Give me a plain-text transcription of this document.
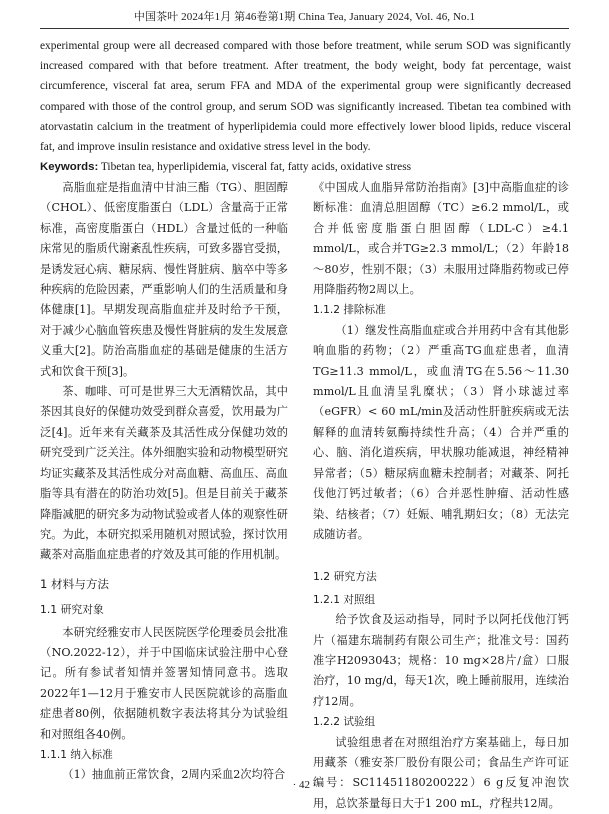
中国茶叶 2024年1月 第46卷第1期 China Tea, January 2024, Vol. 46, No.1

experimental group were all decreased compared with those before treatment, while serum SOD was significantly increased compared with that before treatment. After treatment, the body weight, body fat percentage, waist circumference, visceral fat area, serum FFA and MDA of the experimental group were significantly decreased compared with those of the control group, and serum SOD was significantly increased. Tibetan tea combined with atorvastatin calcium in the treatment of hyperlipidemia could more effectively lower blood lipids, reduce visceral fat, and improve insulin resistance and oxidative stress level in the body.

Keywords: Tibetan tea, hyperlipidemia, visceral fat, fatty acids, oxidative stress

高脂血症是指血清中甘油三酯（TG）、胆固醇（CHOL）、低密度脂蛋白（LDL）含量高于正常标准，高密度脂蛋白（HDL）含量过低的一种临床常见的脂质代谢紊乱性疾病，可致多器官受损，是诱发冠心病、糖尿病、慢性肾脏病、脑卒中等多种疾病的危险因素，严重影响人们的生活质量和身体健康[1]。早期发现高脂血症并及时给予干预，对于减少心脑血管疾患及慢性肾脏病的发生发展意义重大[2]。防治高脂血症的基础是健康的生活方式和饮食干预[3]。

茶、咖啡、可可是世界三大无酒精饮品，其中茶因其良好的保健功效受到群众喜爱，饮用最为广泛[4]。近年来有关藏茶及其活性成分保健功效的研究受到广泛关注。体外细胞实验和动物模型研究均证实藏茶及其活性成分对高血糖、高血压、高血脂等具有潜在的防治功效[5]。但是目前关于藏茶降脂减肥的研究多为动物试验或者人体的观察性研究。为此，本研究拟采用随机对照试验，探讨饮用藏茶对高脂血症患者的疗效及其可能的作用机制。

1 材料与方法
1.1 研究对象

本研究经雅安市人民医院医学伦理委员会批准（NO.2022-12），并于中国临床试验注册中心登记。所有参试者知情并签署知情同意书。选取2022年1—12月于雅安市人民医院就诊的高脂血症患者80例，依据随机数字表法将其分为试验组和对照组各40例。

1.1.1 纳入标准

（1）抽血前正常饮食，2周内采血2次均符合

《中国成人血脂异常防治指南》[3]中高脂血症的诊断标准：血清总胆固醇（TC）≥6.2 mmol/L，或合并低密度脂蛋白胆固醇（LDL-C）≥4.1 mmol/L，或合并TG≥2.3 mmol/L；（2）年龄18～80岁，性别不限；（3）未服用过降脂药物或已停用降脂药物2周以上。

1.1.2 排除标准

（1）继发性高脂血症或合并用药中含有其他影响血脂的药物；（2）严重高TG血症患者，血清TG≥11.3 mmol/L，或血清TG在5.56～11.30 mmol/L且血清呈乳糜状；（3）肾小球滤过率（eGFR）< 60 mL/min及活动性肝脏疾病或无法解释的血清转氨酶持续性升高；（4）合并严重的心、脑、消化道疾病，甲状腺功能减退，神经精神异常者；（5）糖尿病血糖未控制者；对藏茶、阿托伐他汀钙过敏者；（6）合并恶性肿瘤、活动性感染、结核者；（7）妊娠、哺乳期妇女；（8）无法完成随访者。

1.2 研究方法
1.2.1 对照组

给予饮食及运动指导，同时予以阿托伐他汀钙片（福建东瑞制药有限公司生产；批准文号：国药准字H2093043；规格：10 mg×28片/盒）口服治疗，10 mg/d，每天1次，晚上睡前服用，连续治疗12周。

1.2.2 试验组

试验组患者在对照组治疗方案基础上，每日加用藏茶（雅安茶厂股份有限公司；食品生产许可证编号：SC11451180200222）6 g反复冲泡饮用，总饮茶量每日大于1 200 mL，疗程共12周。

· 42 ·
